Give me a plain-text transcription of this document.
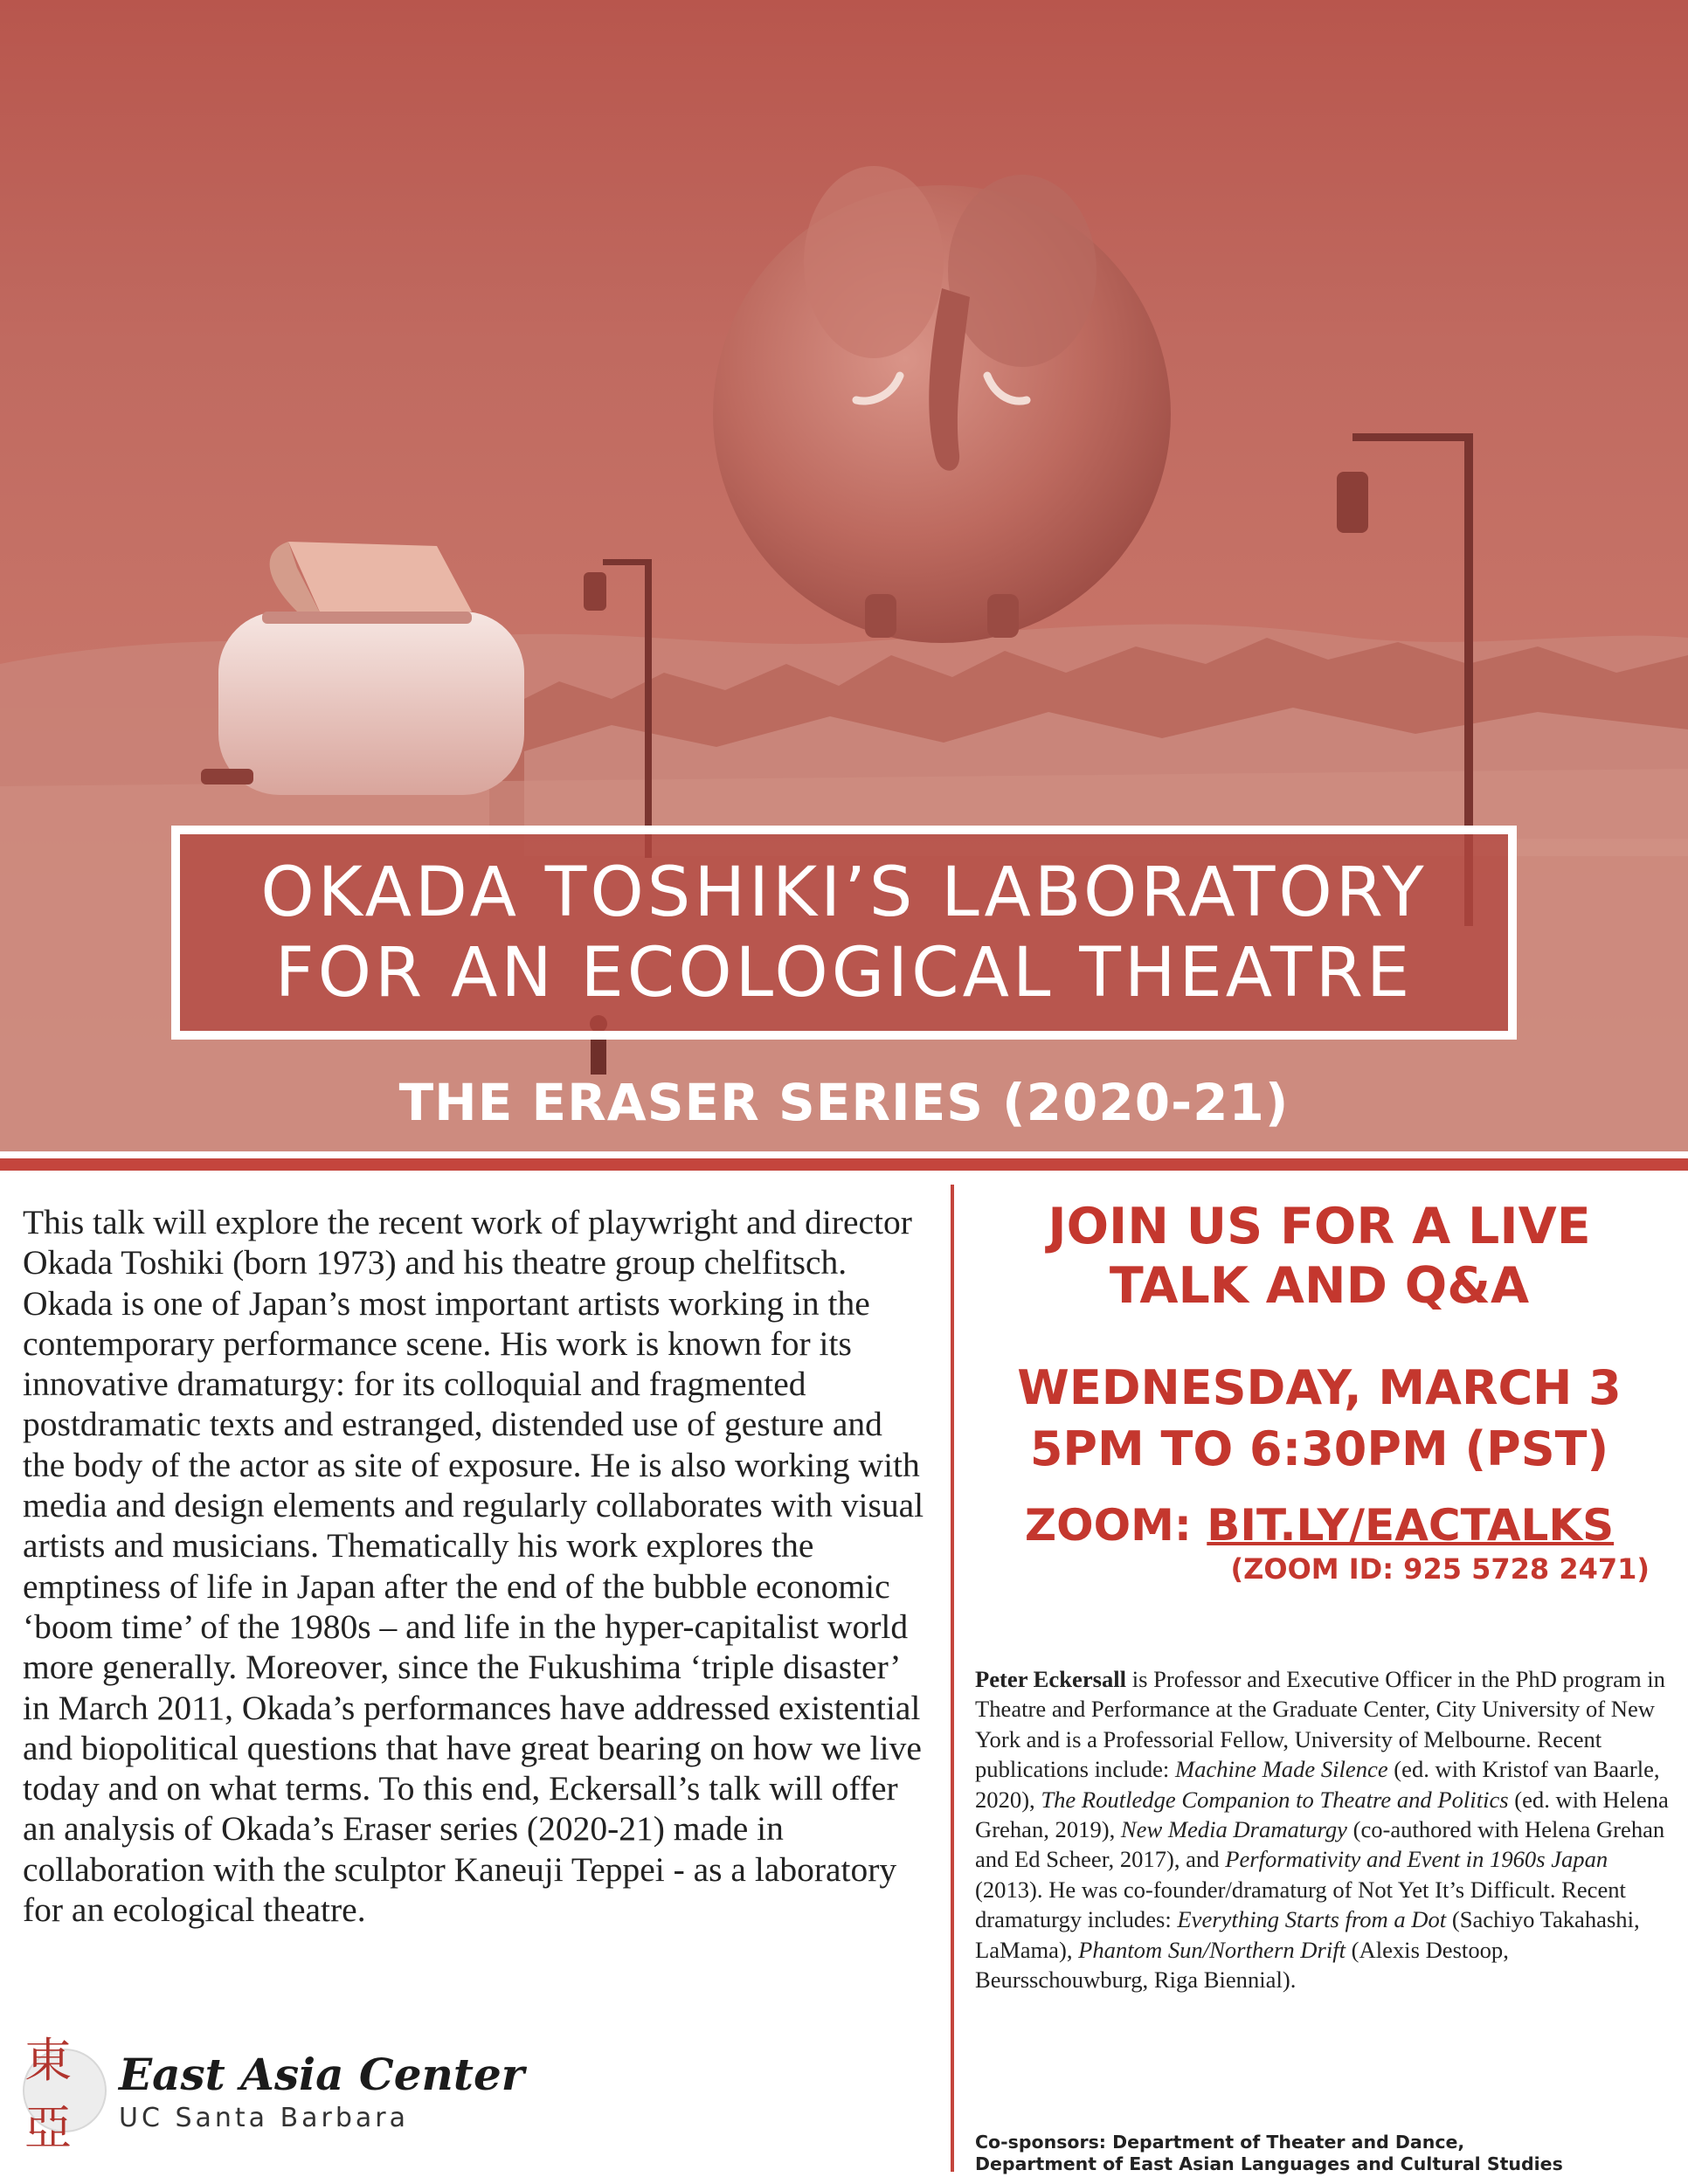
OKADA TOSHIKI’S LABORATORY
FOR AN ECOLOGICAL THEATRE
THE ERASER SERIES (2020-21)

This talk will explore the recent work of playwright and director Okada Toshiki (born 1973) and his theatre group chelfitsch. Okada is one of Japan’s most important artists working in the contemporary performance scene. His work is known for its innovative dramaturgy: for its colloquial and fragmented postdramatic texts and estranged, distended use of gesture and the body of the actor as site of exposure. He is also working with media and design elements and regularly collaborates with visual artists and musicians. Thematically his work explores the emptiness of life in Japan after the end of the bubble economic ‘boom time’ of the 1980s – and life in the hyper-capitalist world more generally. Moreover, since the Fukushima ‘triple disaster’ in March 2011, Okada’s performances have addressed existential and biopolitical questions that have great bearing on how we live today and on what terms. To this end, Eckersall’s talk will offer an analysis of Okada’s Eraser series (2020-21) made in collaboration with the sculptor Kaneuji Teppei - as a laboratory for an ecological theatre.

東亞
East Asia Center
UC Santa Barbara
JOIN US FOR A LIVE
TALK AND Q&A
WEDNESDAY, MARCH 3
5PM TO 6:30PM (PST)
ZOOM: BIT.LY/EACTALKS
(ZOOM ID: 925 5728 2471)

Peter Eckersall is Professor and Executive Officer in the PhD program in Theatre and Performance at the Graduate Center, City University of New York and is a Professorial Fellow, University of Melbourne. Recent publications include: Machine Made Silence (ed. with Kristof van Baarle, 2020), The Routledge Companion to Theatre and Politics (ed. with Helena Grehan, 2019), New Media Dramaturgy (co-authored with Helena Grehan and Ed Scheer, 2017), and Performativity and Event in 1960s Japan (2013). He was co-founder/dramaturg of Not Yet It’s Difficult. Recent dramaturgy includes: Everything Starts from a Dot (Sachiyo Takahashi, LaMama), Phantom Sun/Northern Drift (Alexis Destoop, Beursschouwburg, Riga Biennial).

Co-sponsors: Department of Theater and Dance,
Department of East Asian Languages and Cultural Studies
